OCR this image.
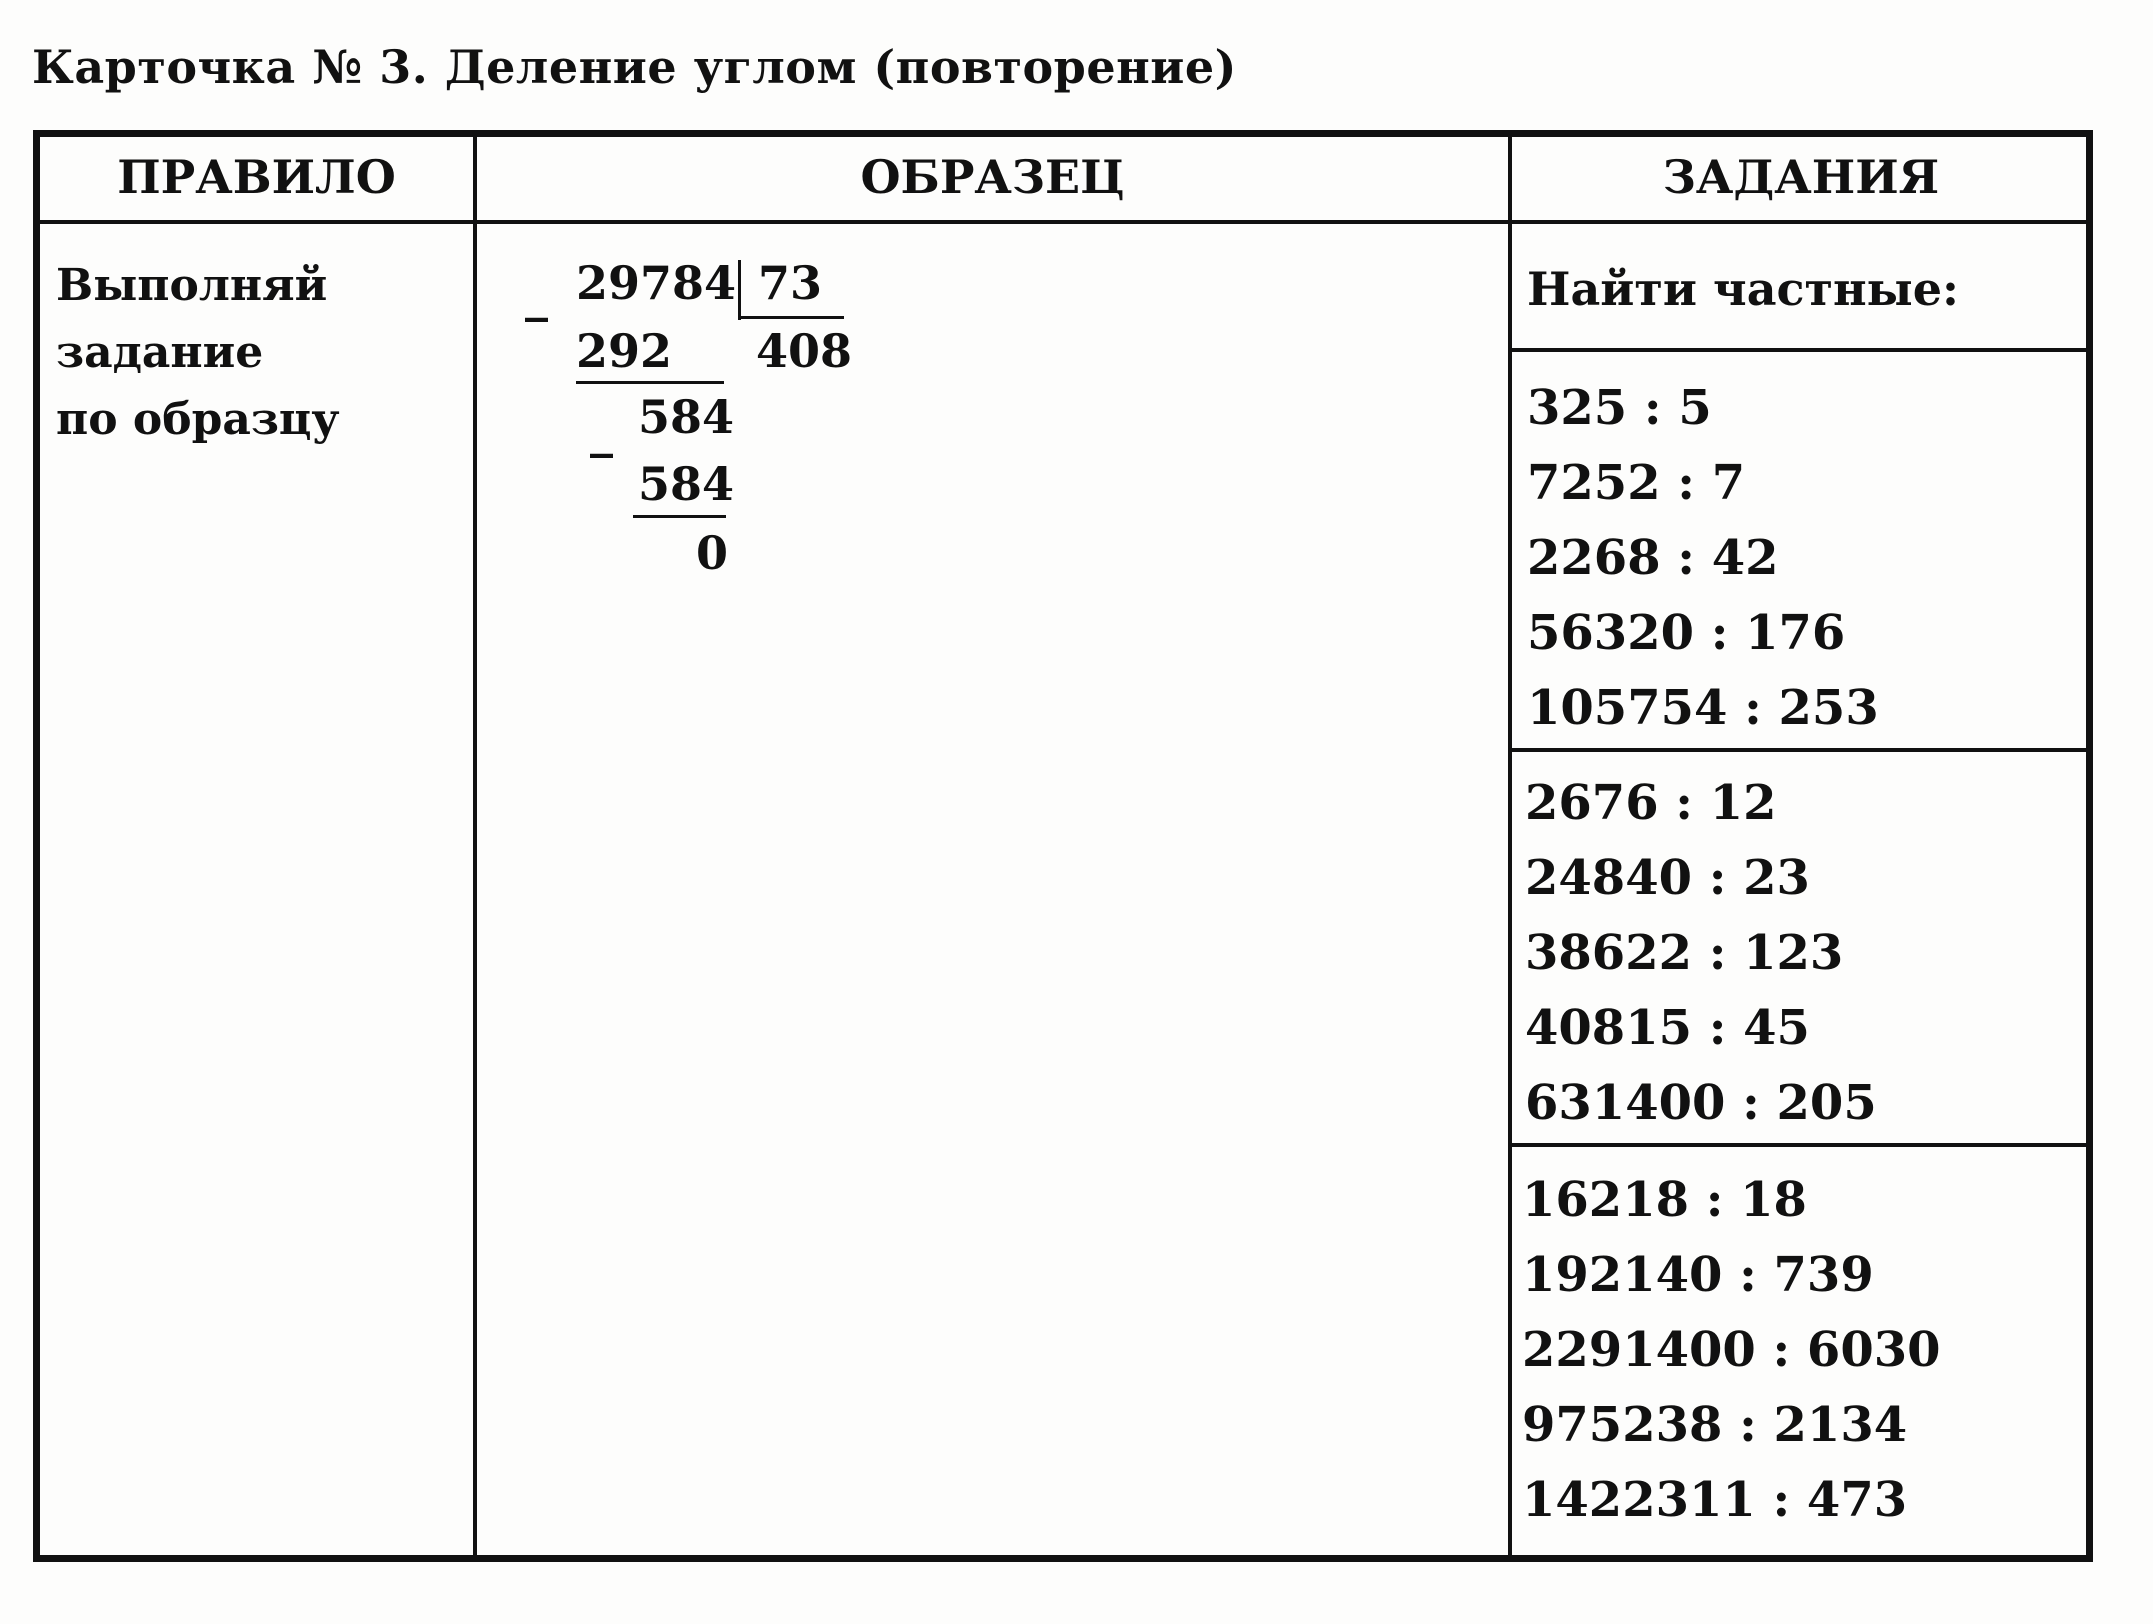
Карточка № 3. Деление углом (повторение)
ПРАВИЛО	ОБРАЗЕЦ	ЗАДАНИЯ
Выполняй
задание
по образцу
_ 29784 73
292 408
_ 584
584
0
Найти частные:
325 : 5
7252 : 7
2268 : 42
56320 : 176
105754 : 253
2676 : 12
24840 : 23
38622 : 123
40815 : 45
631400 : 205
16218 : 18
192140 : 739
2291400 : 6030
975238 : 2134
1422311 : 473
